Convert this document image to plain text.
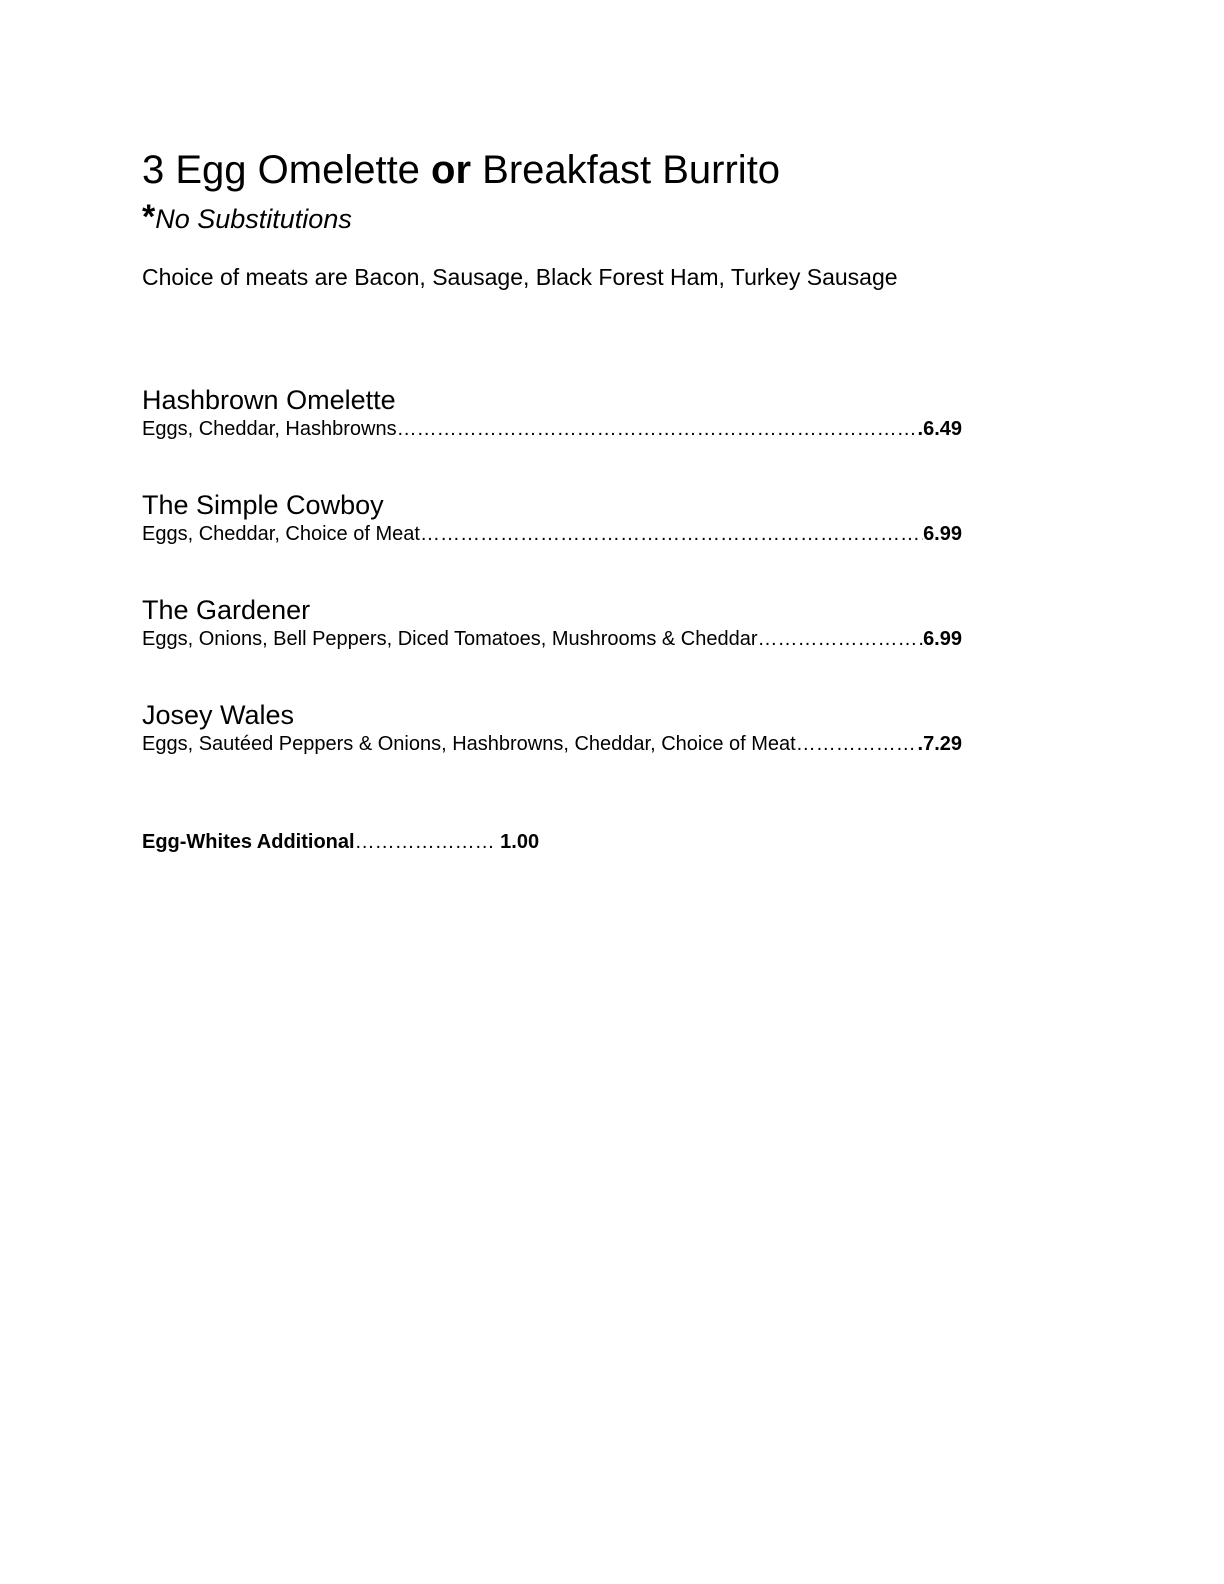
3 Egg Omelette or Breakfast Burrito
*No Substitutions
Choice of meats are Bacon, Sausage, Black Forest Ham, Turkey Sausage
Hashbrown Omelette
Eggs, Cheddar, Hashbrowns ………………………………………………………………………………………………………………………………………………	.6.49
The Simple Cowboy
Eggs, Cheddar, Choice of Meat ………………………………………………………………………………………………………………………………………………	6.99
The Gardener
Eggs, Onions, Bell Peppers, Diced Tomatoes, Mushrooms & Cheddar ………………………………………………………………………………………………………………………………………………	6.99
Josey Wales
Eggs, Sautéed Peppers & Onions, Hashbrowns, Cheddar, Choice of Meat ………………………………………………………………………………………………………………………………………………	.7.29
Egg-Whites Additional………………… 1.00
